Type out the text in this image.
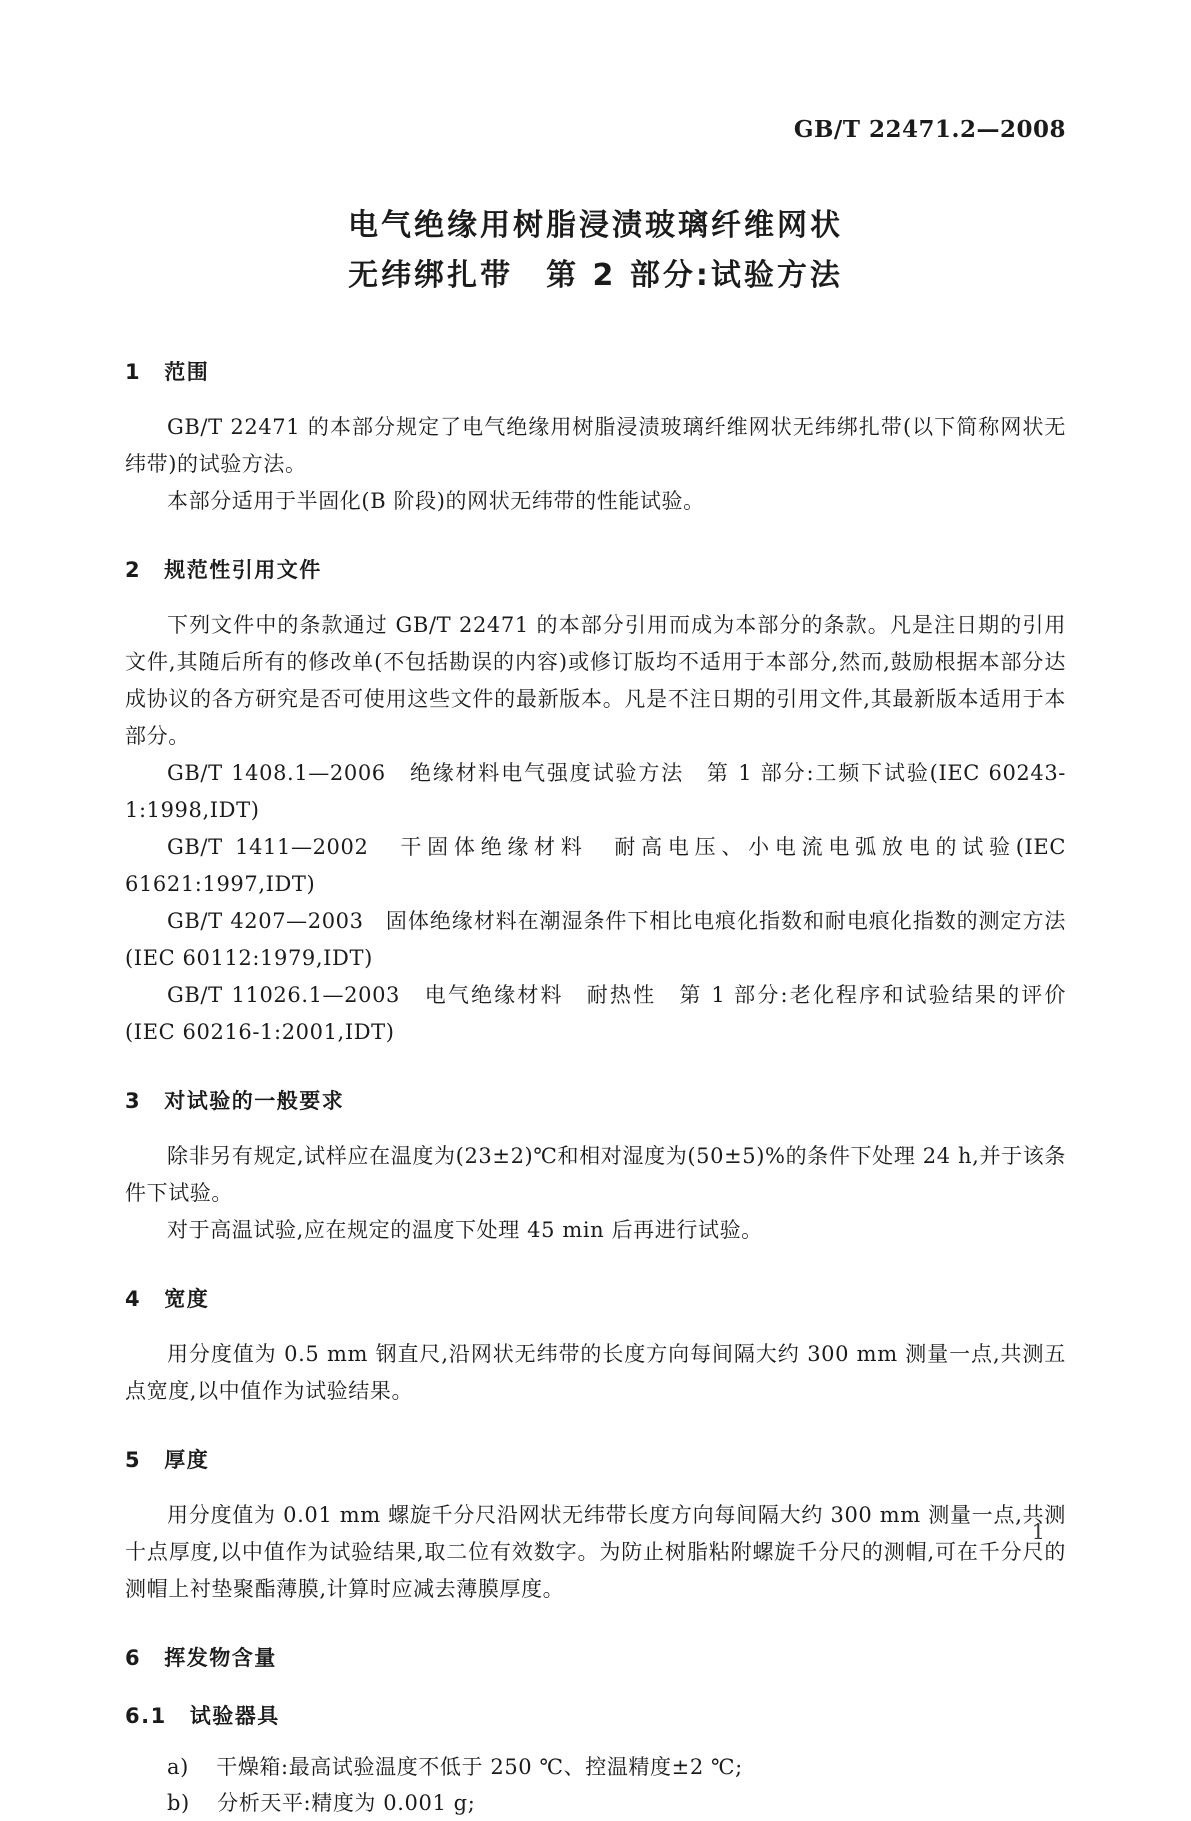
GB/T 22471.2—2008
电气绝缘用树脂浸渍玻璃纤维网状
无纬绑扎带　第 2 部分:试验方法
1 范围

GB/T 22471 的本部分规定了电气绝缘用树脂浸渍玻璃纤维网状无纬绑扎带(以下简称网状无纬带)的试验方法。

本部分适用于半固化(B 阶段)的网状无纬带的性能试验。

2 规范性引用文件

下列文件中的条款通过 GB/T 22471 的本部分引用而成为本部分的条款。凡是注日期的引用文件,其随后所有的修改单(不包括勘误的内容)或修订版均不适用于本部分,然而,鼓励根据本部分达成协议的各方研究是否可使用这些文件的最新版本。凡是不注日期的引用文件,其最新版本适用于本部分。

GB/T 1408.1—2006　绝缘材料电气强度试验方法　第 1 部分:工频下试验(IEC 60243-1:1998,IDT)

GB/T 1411—2002　干固体绝缘材料　耐高电压、小电流电弧放电的试验(IEC 61621:1997,IDT)

GB/T 4207—2003　固体绝缘材料在潮湿条件下相比电痕化指数和耐电痕化指数的测定方法(IEC 60112:1979,IDT)

GB/T 11026.1—2003　电气绝缘材料　耐热性　第 1 部分:老化程序和试验结果的评价(IEC 60216-1:2001,IDT)

3 对试验的一般要求

除非另有规定,试样应在温度为(23±2)℃和相对湿度为(50±5)%的条件下处理 24 h,并于该条件下试验。

对于高温试验,应在规定的温度下处理 45 min 后再进行试验。

4 宽度

用分度值为 0.5 mm 钢直尺,沿网状无纬带的长度方向每间隔大约 300 mm 测量一点,共测五点宽度,以中值作为试验结果。

5 厚度

用分度值为 0.01 mm 螺旋千分尺沿网状无纬带长度方向每间隔大约 300 mm 测量一点,共测十点厚度,以中值作为试验结果,取二位有效数字。为防止树脂粘附螺旋千分尺的测帽,可在千分尺的测帽上衬垫聚酯薄膜,计算时应减去薄膜厚度。

6 挥发物含量
6.1 试验器具

a) 干燥箱:最高试验温度不低于 250 ℃、控温精度±2 ℃;

b) 分析天平:精度为 0.001 g;

1
